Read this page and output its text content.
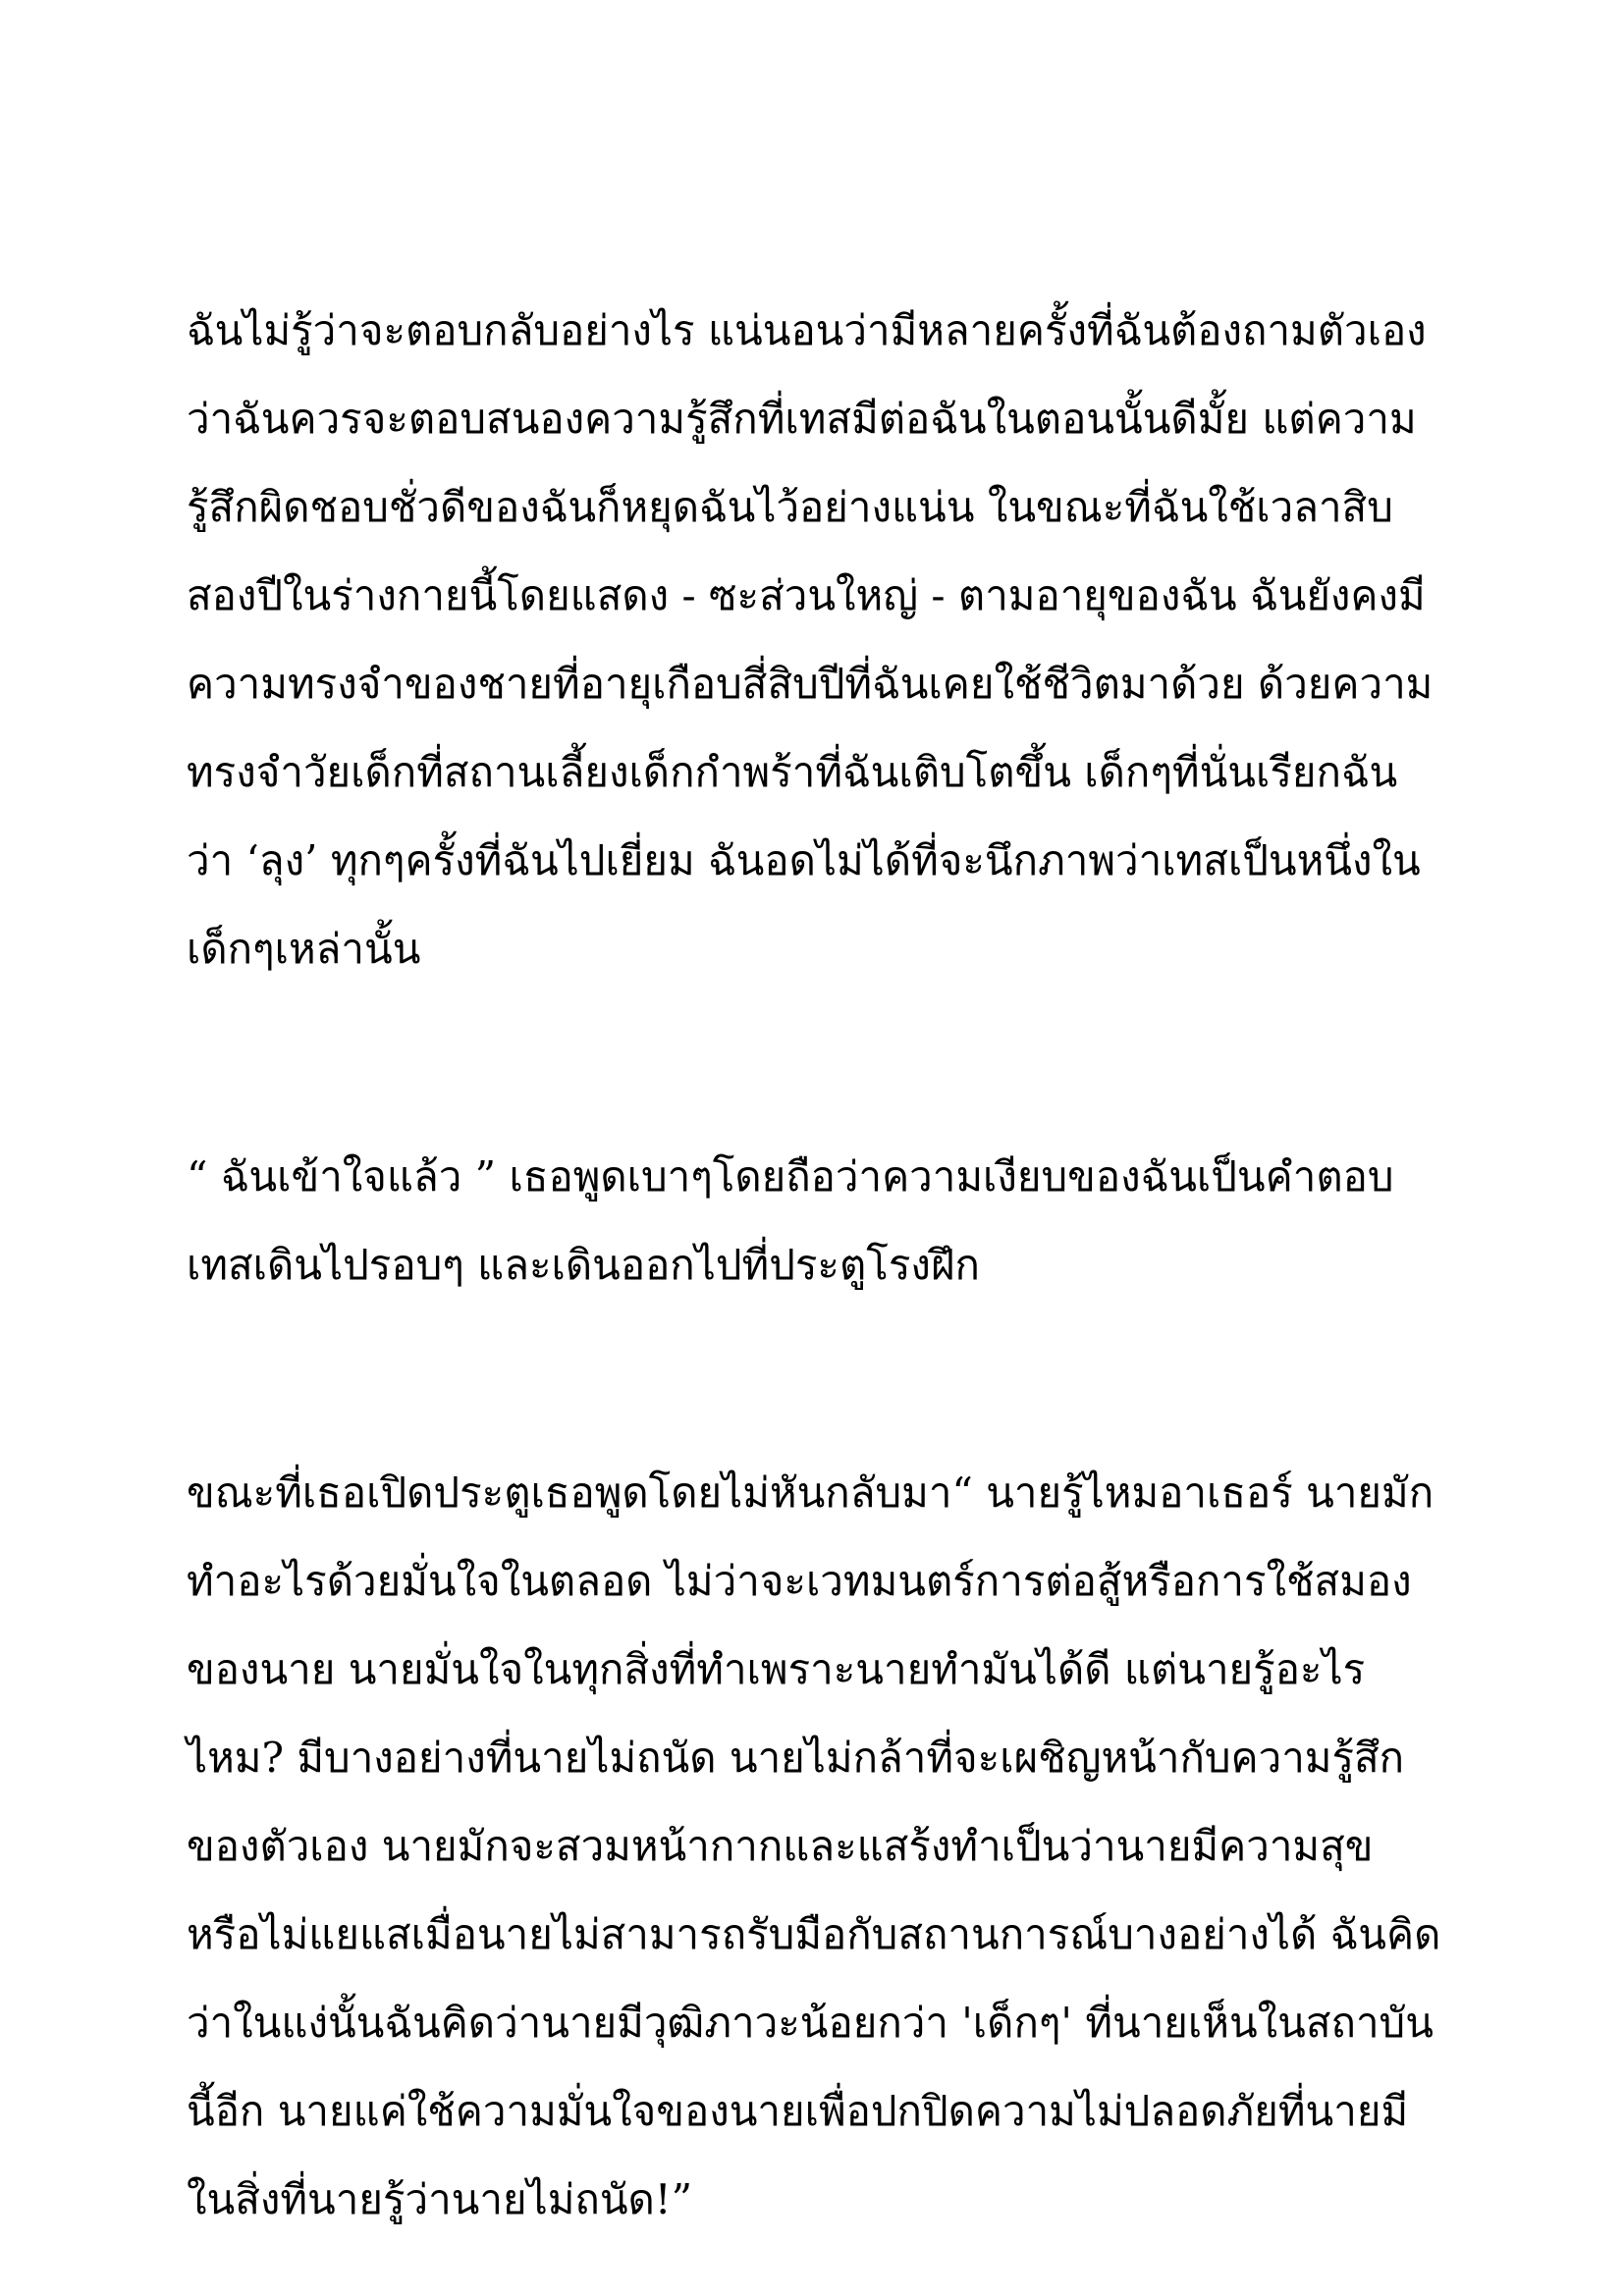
ฉันไม่รู้ว่าจะตอบกลับอย่างไร แน่นอนว่ามีหลายครั้งที่ฉันต้องถามตัวเองว่าฉันควรจะตอบสนองความรู้สึกที่เทสมีต่อฉันในตอนนั้นดีมั้ย แต่ความรู้สึกผิดชอบชั่วดีของฉันก็หยุดฉันไว้อย่างแน่น ในขณะที่ฉันใช้เวลาสิบสองปีในร่างกายนี้โดยแสดง - ซะส่วนใหญ่ - ตามอายุของฉัน ฉันยังคงมีความทรงจำของชายที่อายุเกือบสี่สิบปีที่ฉันเคยใช้ชีวิตมาด้วย ด้วยความทรงจำวัยเด็กที่สถานเลี้ยงเด็กกำพร้าที่ฉันเติบโตขึ้น เด็กๆที่นั่นเรียกฉันว่า ‘ลุง’ ทุกๆครั้งที่ฉันไปเยี่ยม ฉันอดไม่ได้ที่จะนึกภาพว่าเทสเป็นหนึ่งในเด็กๆเหล่านั้น

“ ฉันเข้าใจแล้ว ” เธอพูดเบาๆโดยถือว่าความเงียบของฉันเป็นคำตอบ เทสเดินไปรอบๆ และเดินออกไปที่ประตูโรงฝึก

ขณะที่เธอเปิดประตูเธอพูดโดยไม่หันกลับมา“ นายรู้ไหมอาเธอร์ นายมักทำอะไรด้วยมั่นใจในตลอด ไม่ว่าจะเวทมนตร์การต่อสู้หรือการใช้สมองของนาย นายมั่นใจในทุกสิ่งที่ทำเพราะนายทำมันได้ดี แต่นายรู้อะไรไหม? มีบางอย่างที่นายไม่ถนัด นายไม่กล้าที่จะเผชิญหน้ากับความรู้สึกของตัวเอง นายมักจะสวมหน้ากากและแสร้งทำเป็นว่านายมีความสุขหรือไม่แยแสเมื่อนายไม่สามารถรับมือกับสถานการณ์บางอย่างได้ ฉันคิดว่าในแง่นั้นฉันคิดว่านายมีวุฒิภาวะน้อยกว่า 'เด็กๆ' ที่นายเห็นในสถาบันนี้อีก นายแค่ใช้ความมั่นใจของนายเพื่อปกปิดความไม่ปลอดภัยที่นายมีในสิ่งที่นายรู้ว่านายไม่ถนัด!”
